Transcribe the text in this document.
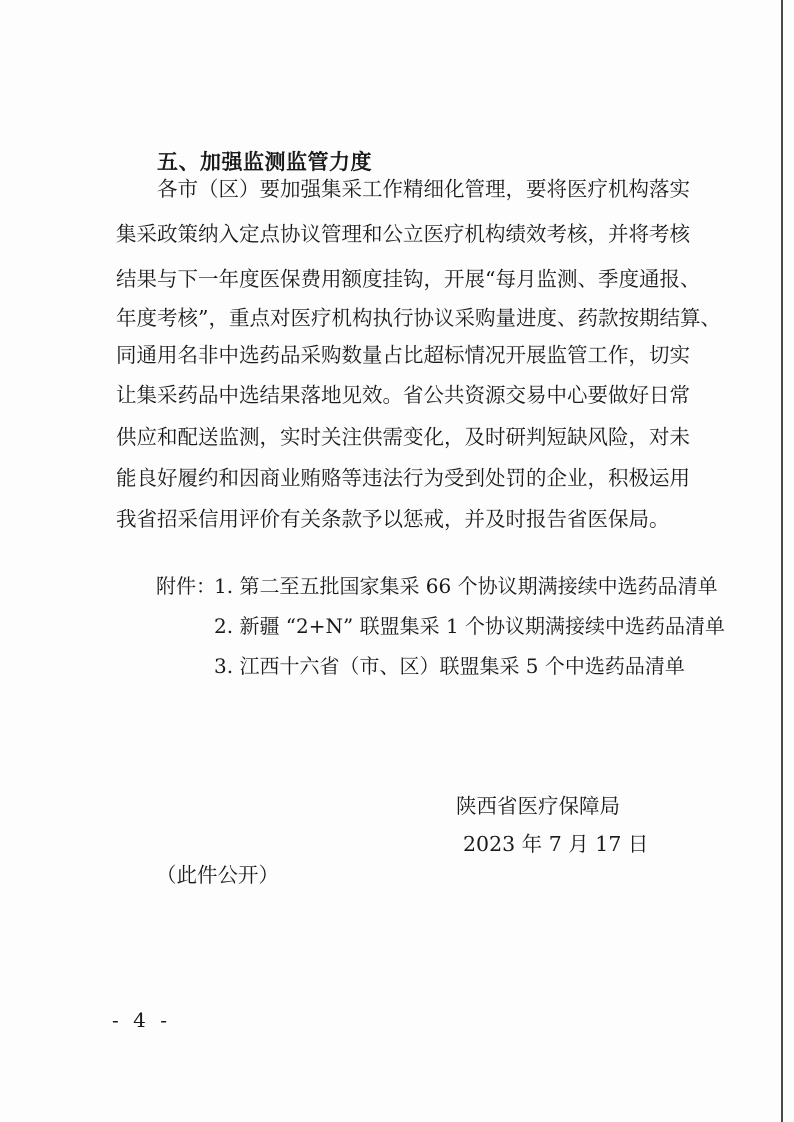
五、加强监测监管力度
各市（区）要加强集采工作精细化管理，要将医疗机构落实
集采政策纳入定点协议管理和公立医疗机构绩效考核，并将考核
结果与下一年度医保费用额度挂钩，开展“每月监测、季度通报、
年度考核”，重点对医疗机构执行协议采购量进度、药款按期结算、
同通用名非中选药品采购数量占比超标情况开展监管工作，切实
让集采药品中选结果落地见效。省公共资源交易中心要做好日常
供应和配送监测，实时关注供需变化，及时研判短缺风险，对未
能良好履约和因商业贿赂等违法行为受到处罚的企业，积极运用
我省招采信用评价有关条款予以惩戒，并及时报告省医保局。
附件：
1. 第二至五批国家集采 66 个协议期满接续中选药品清单
2. 新疆 “2+N” 联盟集采 1 个协议期满接续中选药品清单
3. 江西十六省（市、区）联盟集采 5 个中选药品清单
陕西省医疗保障局
2023 年 7 月 17 日
（此件公开）
- 4 -
